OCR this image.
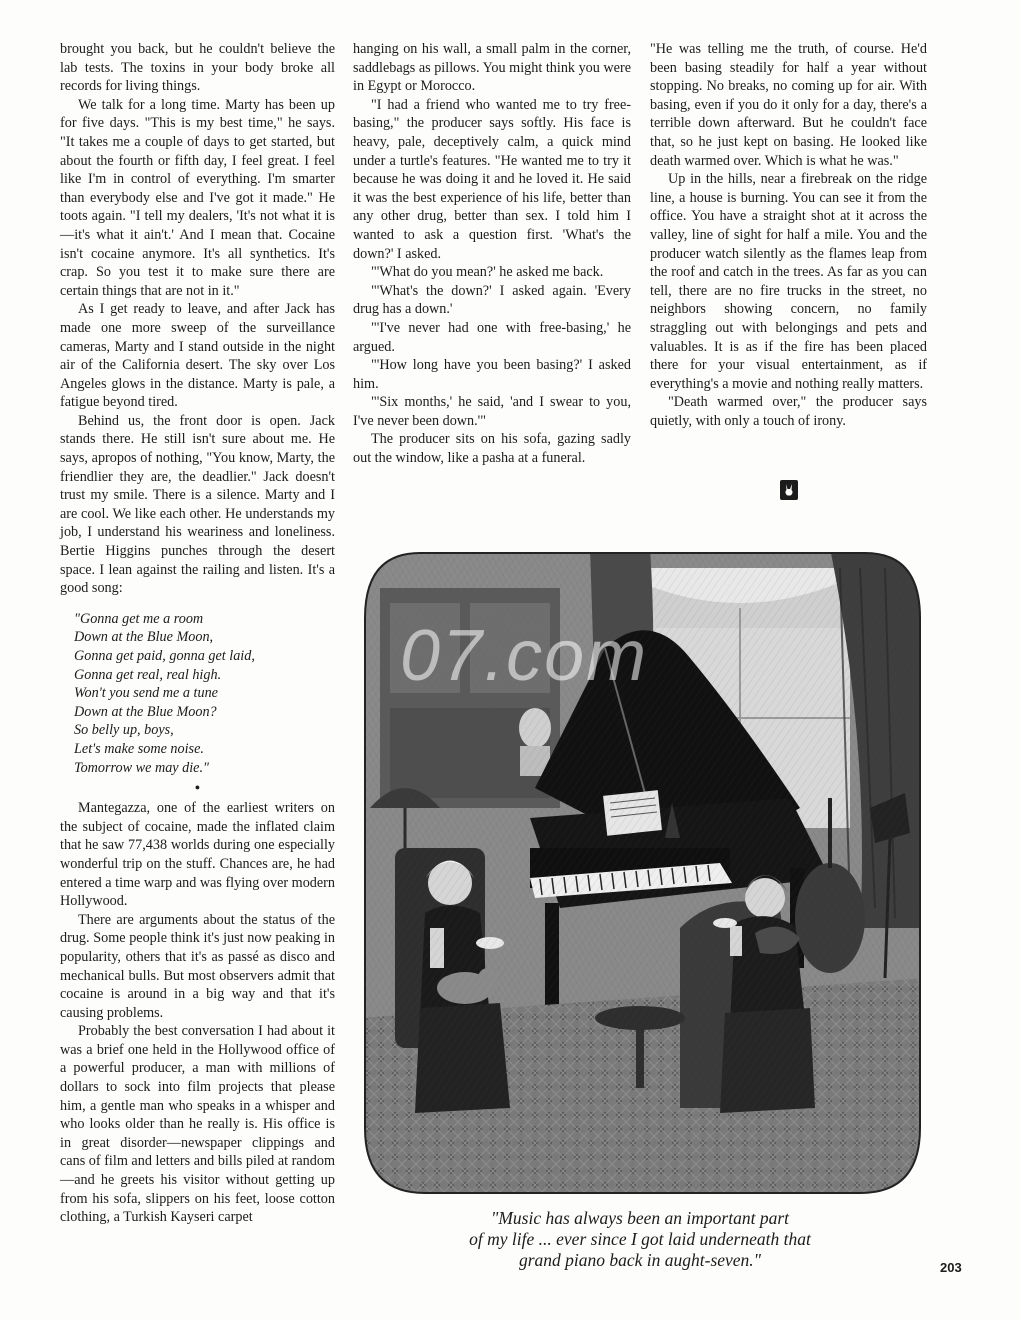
brought you back, but he couldn't believe the lab tests. The toxins in your body broke all records for living things.

We talk for a long time. Marty has been up for five days. "This is my best time," he says. "It takes me a couple of days to get started, but about the fourth or fifth day, I feel great. I feel like I'm in control of everything. I'm smarter than everybody else and I've got it made." He toots again. "I tell my dealers, 'It's not what it is—it's what it ain't.' And I mean that. Cocaine isn't cocaine anymore. It's all synthetics. It's crap. So you test it to make sure there are certain things that are not in it."

As I get ready to leave, and after Jack has made one more sweep of the surveillance cameras, Marty and I stand outside in the night air of the California desert. The sky over Los Angeles glows in the distance. Marty is pale, a fatigue beyond tired.

Behind us, the front door is open. Jack stands there. He still isn't sure about me. He says, apropos of nothing, "You know, Marty, the friendlier they are, the deadlier." Jack doesn't trust my smile. There is a silence. Marty and I are cool. We like each other. He understands my job, I understand his weariness and loneliness. Bertie Higgins punches through the desert space. I lean against the railing and listen. It's a good song:

"Gonna get me a room
Down at the Blue Moon,
Gonna get paid, gonna get laid,
Gonna get real, real high.
Won't you send me a tune
Down at the Blue Moon?
So belly up, boys,
Let's make some noise.
Tomorrow we may die."
●

Mantegazza, one of the earliest writers on the subject of cocaine, made the inflated claim that he saw 77,438 worlds during one especially wonderful trip on the stuff. Chances are, he had entered a time warp and was flying over modern Hollywood.

There are arguments about the status of the drug. Some people think it's just now peaking in popularity, others that it's as passé as disco and mechanical bulls. But most observers admit that cocaine is around in a big way and that it's causing problems.

Probably the best conversation I had about it was a brief one held in the Hollywood office of a powerful producer, a man with millions of dollars to sock into film projects that please him, a gentle man who speaks in a whisper and who looks older than he really is. His office is in great disorder—newspaper clippings and cans of film and letters and bills piled at random—and he greets his visitor without getting up from his sofa, slippers on his feet, loose cotton clothing, a Turkish Kayseri carpet

hanging on his wall, a small palm in the corner, saddlebags as pillows. You might think you were in Egypt or Morocco.

"I had a friend who wanted me to try free-basing," the producer says softly. His face is heavy, pale, deceptively calm, a quick mind under a turtle's features. "He wanted me to try it because he was doing it and he loved it. He said it was the best experience of his life, better than any other drug, better than sex. I told him I wanted to ask a question first. 'What's the down?' I asked.

"'What do you mean?' he asked me back.

"'What's the down?' I asked again. 'Every drug has a down.'

"'I've never had one with free-basing,' he argued.

"'How long have you been basing?' I asked him.

"'Six months,' he said, 'and I swear to you, I've never been down.'"

The producer sits on his sofa, gazing sadly out the window, like a pasha at a funeral.

"He was telling me the truth, of course. He'd been basing steadily for half a year without stopping. No breaks, no coming up for air. With basing, even if you do it only for a day, there's a terrible down afterward. But he couldn't face that, so he just kept on basing. He looked like death warmed over. Which is what he was."

Up in the hills, near a firebreak on the ridge line, a house is burning. You can see it from the office. You have a straight shot at it across the valley, line of sight for half a mile. You and the producer watch silently as the flames leap from the roof and catch in the trees. As far as you can tell, there are no fire trucks in the street, no neighbors showing concern, no family straggling out with belongings and pets and valuables. It is as if the fire has been placed there for your visual entertainment, as if everything's a movie and nothing really matters.

"Death warmed over," the producer says quietly, with only a touch of irony.

07.com
"Music has always been an important part
of my life ... ever since I got laid underneath that
grand piano back in aught-seven."	203
